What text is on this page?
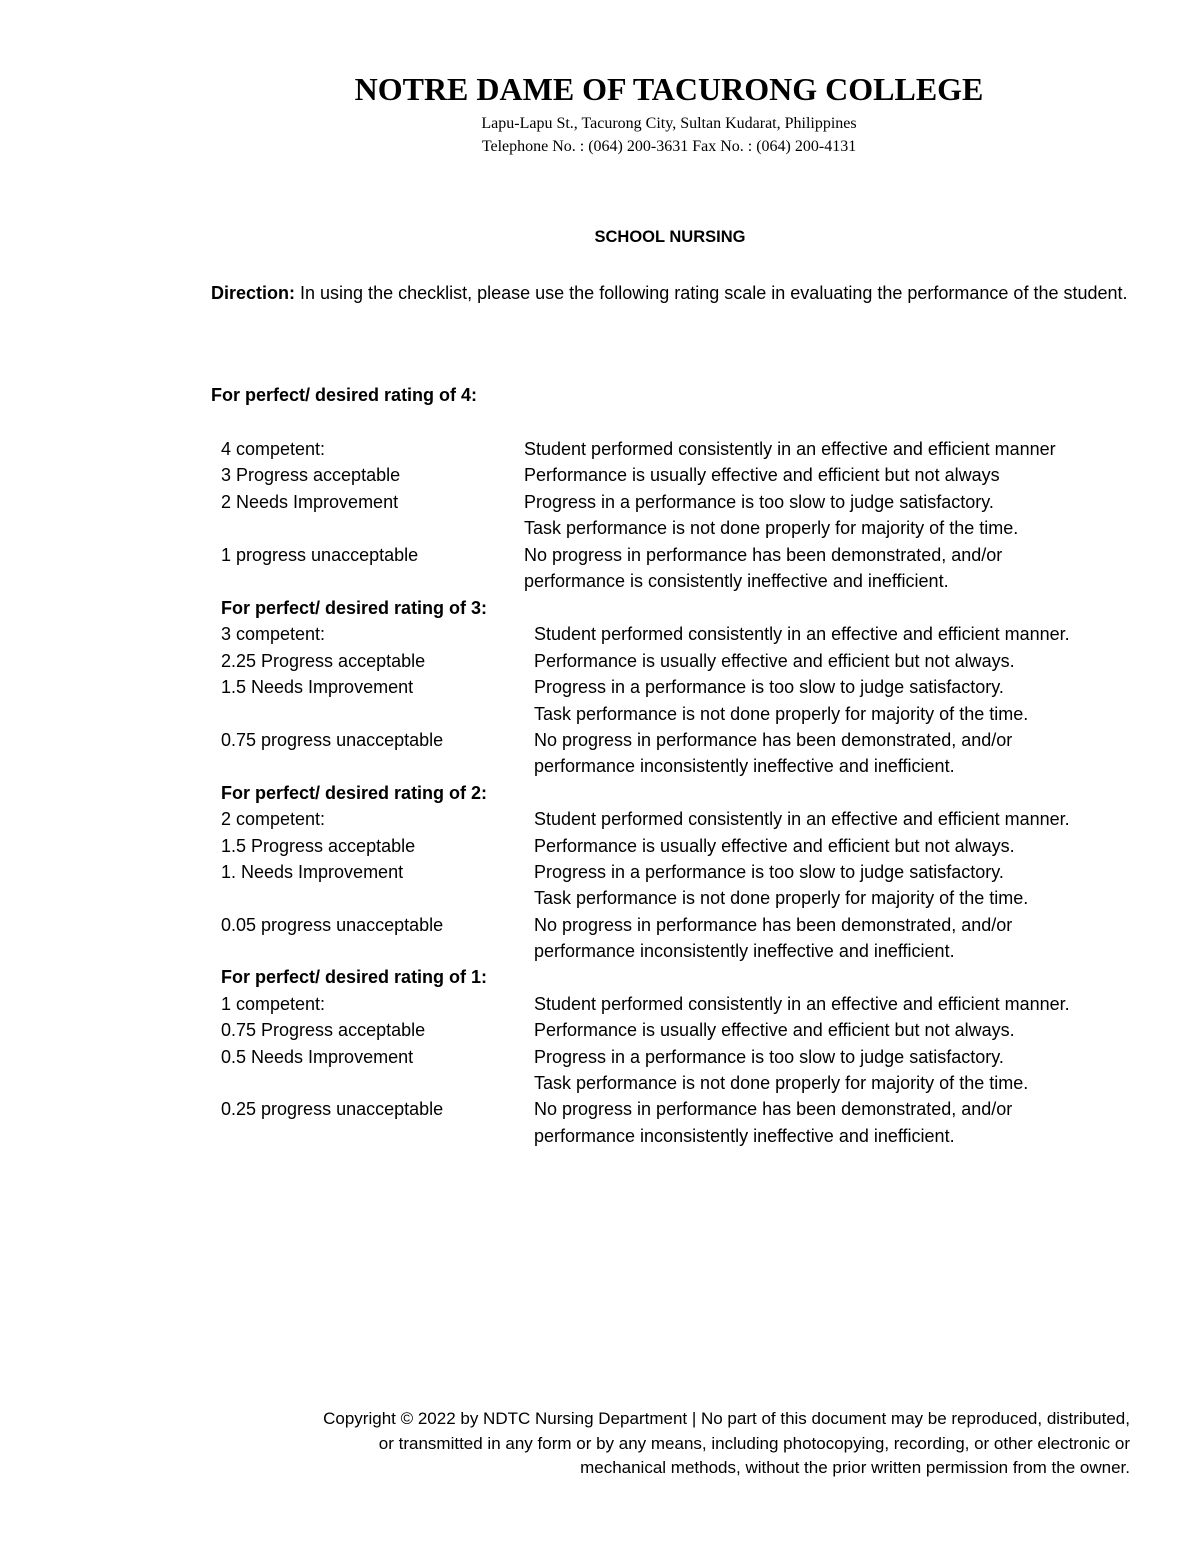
NOTRE DAME OF TACURONG COLLEGE
Lapu-Lapu St., Tacurong City, Sultan Kudarat, Philippines
Telephone No. : (064) 200-3631 Fax No. : (064) 200-4131
SCHOOL NURSING
Direction: In using the checklist, please use the following rating scale in evaluating the performance of the student.
For perfect/ desired rating of 4:
4 competent:	Student performed consistently in an effective and efficient manner
3 Progress acceptable	Performance is usually effective and efficient but not always
2 Needs Improvement	Progress in a performance is too slow to judge satisfactory.
Task performance is not done properly for majority of the time.
1 progress unacceptable	No progress in performance has been demonstrated, and/or
performance is consistently ineffective and inefficient.
For perfect/ desired rating of 3:
3 competent:	Student performed consistently in an effective and efficient manner.
2.25 Progress acceptable	Performance is usually effective and efficient but not always.
1.5 Needs Improvement	Progress in a performance is too slow to judge satisfactory.
Task performance is not done properly for majority of the time.
0.75 progress unacceptable	No progress in performance has been demonstrated, and/or
performance inconsistently ineffective and inefficient.
For perfect/ desired rating of 2:
2 competent:	Student performed consistently in an effective and efficient manner.
1.5 Progress acceptable	Performance is usually effective and efficient but not always.
1. Needs Improvement	Progress in a performance is too slow to judge satisfactory.
Task performance is not done properly for majority of the time.
0.05 progress unacceptable	No progress in performance has been demonstrated, and/or
performance inconsistently ineffective and inefficient.
For perfect/ desired rating of 1:
1 competent:	Student performed consistently in an effective and efficient manner.
0.75 Progress acceptable	Performance is usually effective and efficient but not always.
0.5 Needs Improvement	Progress in a performance is too slow to judge satisfactory.
Task performance is not done properly for majority of the time.
0.25 progress unacceptable	No progress in performance has been demonstrated, and/or
performance inconsistently ineffective and inefficient.
Copyright © 2022 by NDTC Nursing Department | No part of this document may be reproduced, distributed,
or transmitted in any form or by any means, including photocopying, recording, or other electronic or
mechanical methods, without the prior written permission from the owner.
